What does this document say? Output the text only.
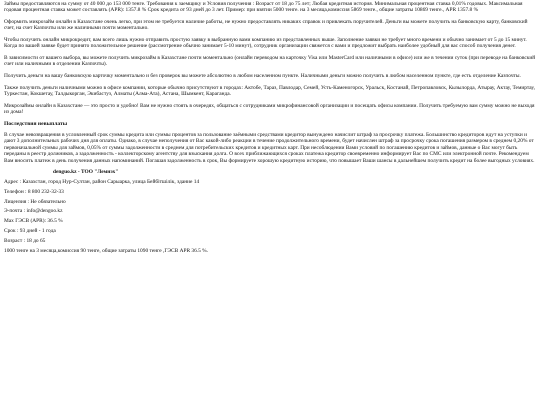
Займы предоставляются на сумму от 40 000 до 153 000 тенге. Требования к заемщику и Условия получения : Возраст от 18 до 75 лет; Любая кредитная история. Минимальная процентная ставка 0,01% годовых. Максимальная годовая процентная ставка может составлять (APR): 1357.8 % Срок кредита от 93 дней до 3 лет. Пример: при взятии 5000 тенге. на 3 месяца,комиссия 5869 тенге., общие затраты 10869 тенге., APR 1357.8 %

Оформить микрозайм онлайн в Казахстане очень легко, при этом не требуется наличие работы, не нужно предоставлять никаких справок и привлекать поручителей. Деньги вы можете получить на банковскую карту, банковский счет, на счет Казпочты или же наличными почти моментально.

Чтобы получить онлайн микрокредит, вам всего лишь нужно отправить простую заявку в выбранную вами компанию из представленных выше. Заполнение заявки не требует много времени и обычно занимает от 5 до 15 минут. Когда по вашей заявке будет принято положительное решение (рассмотрение обычно занимает 5-10 минут), сотрудник организации свяжется с вами и предложит выбрать наиболее удобный для вас способ получения денег.

В зависимости от вашего выбора, вы можете получить микрозайм в Казахстане почти моментально (онлайн переводом на карточку Visa или MasterCard или наличными в офисе) или же в течении суток (при переводе на банковский счет или наличными в отделении Казпочты).

Получить деньги на вашу банковскую карточку моментально и без проверок вы можете абсолютно в любом населенном пункте. Наличными деньги можно получить в любом населенном пункте, где есть отделение Казпочты.

Также получить деньги наличными можно в офисе компании, которые обычно присутствуют в городах: Актобе, Тараз, Павлодар, Семей, Усть-Каменогорск, Уральск, Костанай, Петропавловск, Кызылорда, Атырау, Актау, Темиртау, Туркестан, Кокшетау, Талдыкорган, Экибастуз, Алматы (Алма-Ата), Астана, Шымкент, Караганда.

Микрозаймы онлайн в Казахстане — это просто и удобно! Вам не нужно стоять в очередях, общаться с сотрудниками микрофинансовой организации и посещать офисы компании. Получить требуемую вам сумму можно не выходя из дома!

Последствия невыплаты

В случае невозвращения в условленный срок суммы кредита или суммы процентов за пользование заёмными средствами кредитор вынуждено начислит штраф за просрочку платежа. Большинство кредиторов идут на уступки и дают 3 дополнительных рабочих дня для оплаты. Однако, в случае неполучения от Вас какой-либо реакции в течение продолжительного времени, будет начислен штраф за просрочку срока погашения размером в среднем 0,20% от первоначальной суммы для займов, 0,05% от суммы задолженности в среднем для потребительских кредитов и кредитных карт. При несоблюдении Вами условий по погашению кредитов и займов, данные о Вас могут быть переданы в реестр должников, а задолженность - коллекторскому агентству для взыскания долга. О всех приближающихся сроках платежа кредитор своевременно информирует Вас по СМС или электронной почте. Рекомендуем Вам вносить платеж в день получения данных напоминаний. Погашая задолженность в срок, Вы формируете хорошую кредитную историю, что повышает Ваши шансы в дальнейшем получить кредит на более выгодных условиях.

denguo.kz - ТОО "Лемнэх"
Адрес : Казахстан, город Нур-Султан, район Сарыарка, улица Бейбітшілік, здание 14
Телефон : 8 800 232-32-33
Лицензия : Не обязательно
Э-почта : info@dengoo.kz
Мах ГЭСВ (APR): 36.5 %
Срок : 93 дней - 1 года
Возраст : 18 до 65
1000 тенге на 3 месяца,комиссия 90 тенге, общие затраты 1090 тенге ,ГЭСВ APR 36.5 %.
